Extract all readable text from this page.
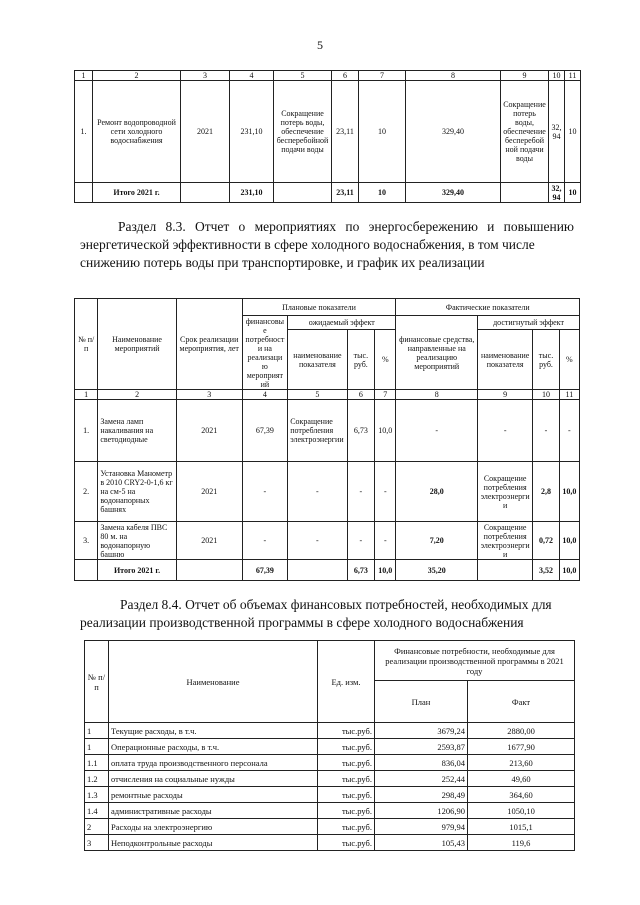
5
1	2	3	4	5	6	7	8	9	10	11
1.	Ремонт водопроводной сети холодного водоснабжения	2021	231,10	Сокращение потерь воды, обеспечение бесперебойной подачи воды	23,11	10	329,40	Сокращение потерь воды, обеспечение бесперебойной подачи воды	32,94	10
	Итого 2021 г.		231,10		23,11	10	329,40		32,94	10
Раздел 8.3. Отчет о мероприятиях по энергосбережению и повышению энергетической эффективности в сфере холодного водоснабжения, в том числе
снижению потерь воды при транспортировке, и график их реализации
№ п/п	Наименование мероприятий	Срок реализации мероприятия, лет	Плановые показатели				Фактические показатели			
			финансовые потребности на реализацию мероприятий	ожидаемый эффект			финансовые средства, направленные на реализацию мероприятий	достигнутый эффект		
				наименование показателя	тыс. руб.	%		наименование показателя	тыс. руб.	%
1	2	3	4	5	6	7	8	9	10	11
1.	Замена ламп накаливания на светодиодные	2021	67,39	Сокращение потребления электроэнергии	6,73	10,0	-	-	-	-
2.	Установка Манометр в 2010 CRY2-0-1,6 кг на см-5 на водонапорных башнях	2021	-	-	-	-	28,0	Сокращение потребления электроэнергии	2,8	10,0
3.	Замена кабеля ПВС 80 м. на водонапорную башню	2021	-	-	-	-	7,20	Сокращение потребления электроэнергии	0,72	10,0
	Итого 2021 г.		67,39		6,73	10,0	35,20		3,52	10,0
Раздел 8.4. Отчет об объемах финансовых потребностей, необходимых для
реализации производственной программы в сфере холодного водоснабжения
№ п/п	Наименование	Ед. изм.	Финансовые потребности, необходимые для реализации производственной программы в 2021 году	
			План	Факт
1	Текущие расходы, в т.ч.	тыс.руб.	3679,24	2880,00
1	Операционные расходы, в т.ч.	тыс.руб.	2593,87	1677,90
1.1	оплата труда производственного персонала	тыс.руб.	836,04	213,60
1.2	отчисления на социальные нужды	тыс.руб.	252,44	49,60
1.3	ремонтные расходы	тыс.руб.	298,49	364,60
1.4	административные расходы	тыс.руб.	1206,90	1050,10
2	Расходы на электроэнергию	тыс.руб.	979,94	1015,1
3	Неподконтрольные расходы	тыс.руб.	105,43	119,6
